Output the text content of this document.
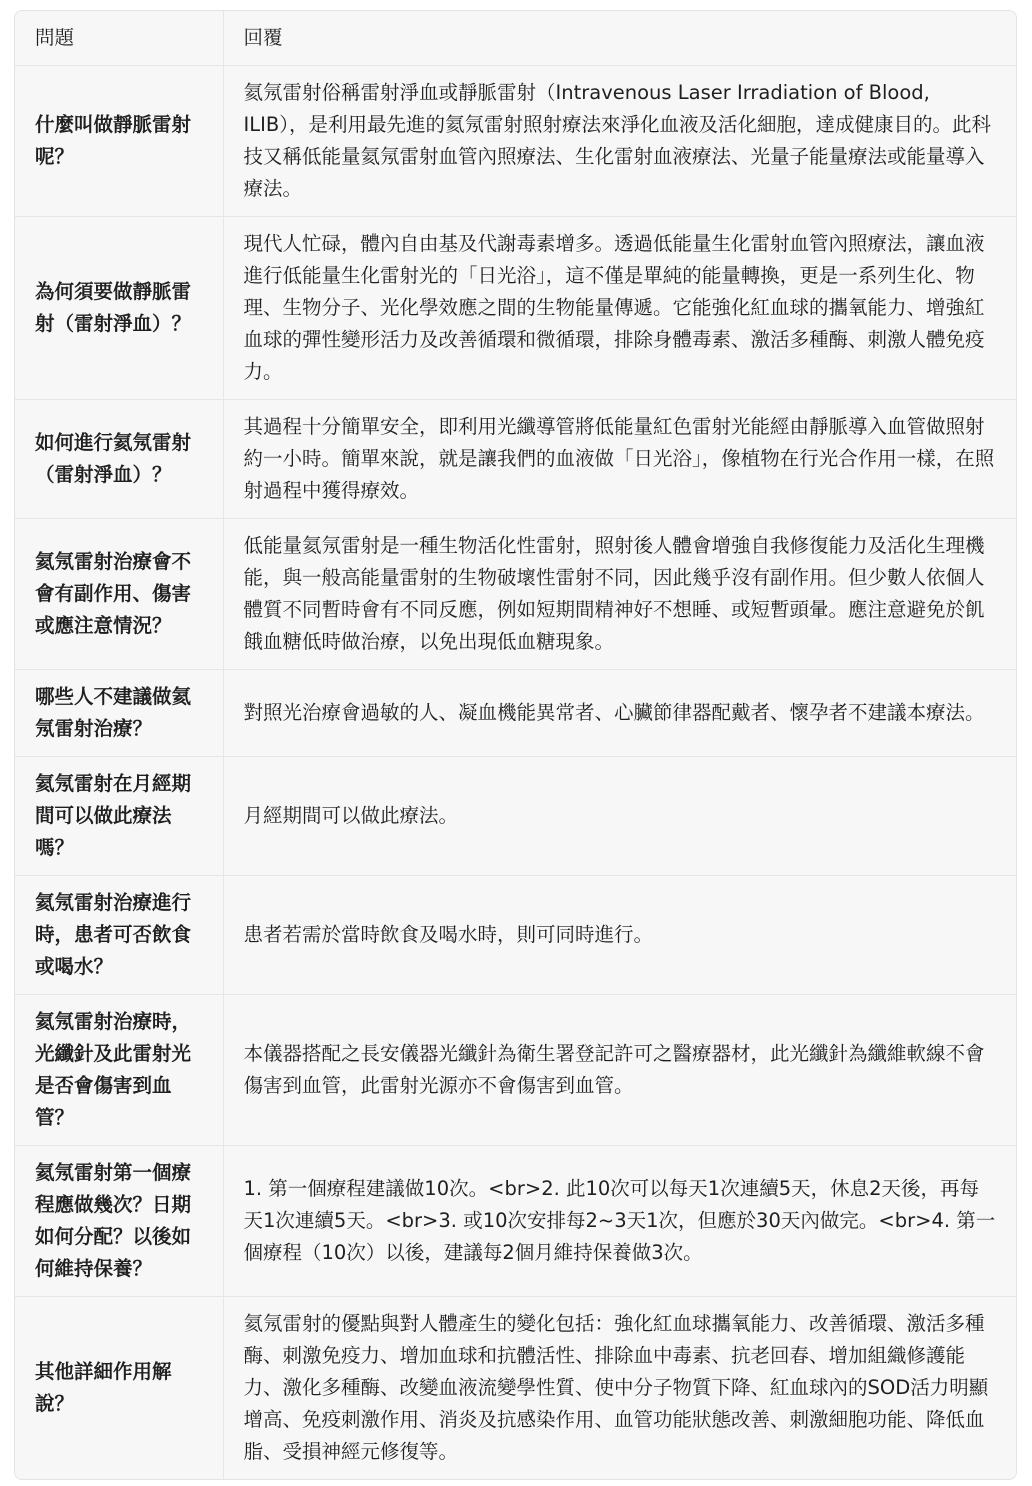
問題	回覆
什麼叫做靜脈雷射呢？	氦氖雷射俗稱雷射淨血或靜脈雷射（Intravenous Laser Irradiation of Blood, ILIB），是利用最先進的氦氖雷射照射療法來淨化血液及活化細胞，達成健康目的。此科技又稱低能量氦氖雷射血管內照療法、生化雷射血液療法、光量子能量療法或能量導入療法。
為何須要做靜脈雷射（雷射淨血）？	現代人忙碌，體內自由基及代謝毒素增多。透過低能量生化雷射血管內照療法，讓血液進行低能量生化雷射光的「日光浴」，這不僅是單純的能量轉換，更是一系列生化、物理、生物分子、光化學效應之間的生物能量傳遞。它能強化紅血球的攜氧能力、增強紅血球的彈性變形活力及改善循環和微循環，排除身體毒素、激活多種酶、刺激人體免疫力。
如何進行氦氖雷射（雷射淨血）？	其過程十分簡單安全，即利用光纖導管將低能量紅色雷射光能經由靜脈導入血管做照射約一小時。簡單來說，就是讓我們的血液做「日光浴」，像植物在行光合作用一樣，在照射過程中獲得療效。
氦氖雷射治療會不會有副作用、傷害或應注意情況？	低能量氦氖雷射是一種生物活化性雷射，照射後人體會增強自我修復能力及活化生理機能，與一般高能量雷射的生物破壞性雷射不同，因此幾乎沒有副作用。但少數人依個人體質不同暫時會有不同反應，例如短期間精神好不想睡、或短暫頭暈。應注意避免於飢餓血糖低時做治療，以免出現低血糖現象。
哪些人不建議做氦氖雷射治療？	對照光治療會過敏的人、凝血機能異常者、心臟節律器配戴者、懷孕者不建議本療法。
氦氖雷射在月經期間可以做此療法嗎？	月經期間可以做此療法。
氦氖雷射治療進行時，患者可否飲食或喝水？	患者若需於當時飲食及喝水時，則可同時進行。
氦氖雷射治療時，光纖針及此雷射光是否會傷害到血管？	本儀器搭配之長安儀器光纖針為衛生署登記許可之醫療器材，此光纖針為纖維軟線不會傷害到血管，此雷射光源亦不會傷害到血管。
氦氖雷射第一個療程應做幾次？日期如何分配？以後如何維持保養？	1. 第一個療程建議做10次。<br>2. 此10次可以每天1次連續5天，休息2天後，再每天1次連續5天。<br>3. 或10次安排每2~3天1次，但應於30天內做完。<br>4. 第一個療程（10次）以後，建議每2個月維持保養做3次。
其他詳細作用解說？	氦氖雷射的優點與對人體產生的變化包括：強化紅血球攜氧能力、改善循環、激活多種酶、刺激免疫力、增加血球和抗體活性、排除血中毒素、抗老回春、增加組織修護能力、激化多種酶、改變血液流變學性質、使中分子物質下降、紅血球內的SOD活力明顯增高、免疫刺激作用、消炎及抗感染作用、血管功能狀態改善、刺激細胞功能、降低血脂、受損神經元修復等。
